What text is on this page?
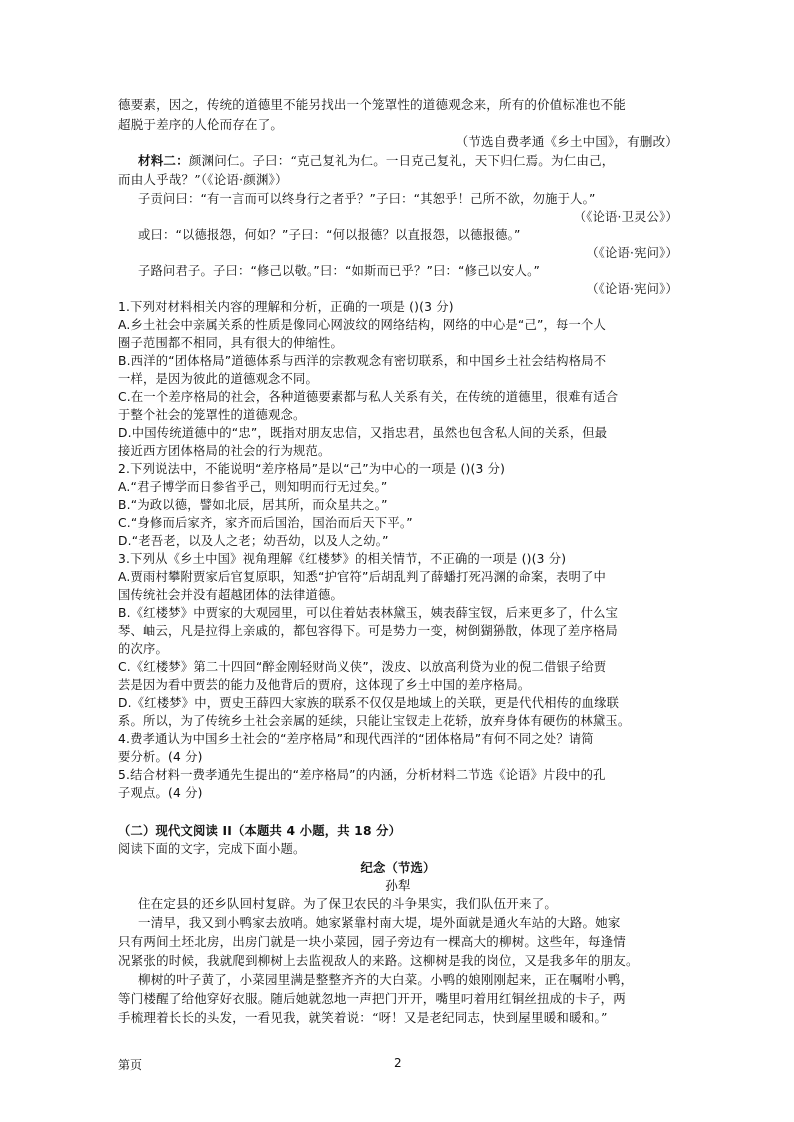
德要素，因之，传统的道德里不能另找出一个笼罩性的道德观念来，所有的价值标准也不能
超脱于差序的人伦而存在了。
（节选自费孝通《乡土中国》，有删改）
材料二：颜渊问仁。子曰：“克己复礼为仁。一日克己复礼，天下归仁焉。为仁由己，
而由人乎哉？”（《论语·颜渊》）
子贡问曰：“有一言而可以终身行之者乎？”子曰：“其恕乎！己所不欲，勿施于人。”
（《论语·卫灵公》）
或曰：“以德报怨，何如？”子曰：“何以报德？以直报怨，以德报德。”
（《论语·宪问》）
子路问君子。子曰：“修己以敬。”曰：“如斯而已乎？”曰：“修己以安人。”
（《论语·宪问》）
1.下列对材料相关内容的理解和分析，正确的一项是 ()(3 分)
A.乡土社会中亲属关系的性质是像同心网波纹的网络结构，网络的中心是“己”，每一个人
圈子范围都不相同，具有很大的伸缩性。
B.西洋的“团体格局”道德体系与西洋的宗教观念有密切联系，和中国乡土社会结构格局不
一样，是因为彼此的道德观念不同。
C.在一个差序格局的社会，各种道德要素都与私人关系有关，在传统的道德里，很难有适合
于整个社会的笼罩性的道德观念。
D.中国传统道德中的“忠”，既指对朋友忠信，又指忠君，虽然也包含私人间的关系，但最
接近西方团体格局的社会的行为规范。
2.下列说法中，不能说明“差序格局”是以“己”为中心的一项是 ()(3 分)
A.“君子博学而日参省乎己，则知明而行无过矣。”
B.“为政以德，譬如北辰，居其所，而众星共之。”
C.“身修而后家齐，家齐而后国治，国治而后天下平。”
D.“老吾老，以及人之老；幼吾幼，以及人之幼。”
3.下列从《乡土中国》视角理解《红楼梦》的相关情节，不正确的一项是 ()(3 分)
A.贾雨村攀附贾家后官复原职，知悉“护官符”后胡乱判了薛蟠打死冯渊的命案，表明了中
国传统社会并没有超越团体的法律道德。
B.《红楼梦》中贾家的大观园里，可以住着姑表林黛玉，姨表薛宝钗，后来更多了，什么宝
琴、岫云，凡是拉得上亲戚的，都包容得下。可是势力一变，树倒猢狲散，体现了差序格局
的次序。
C.《红楼梦》第二十四回“醉金刚轻财尚义侠”，泼皮、以放高利贷为业的倪二借银子给贾
芸是因为看中贾芸的能力及他背后的贾府，这体现了乡土中国的差序格局。
D.《红楼梦》中，贾史王薛四大家族的联系不仅仅是地域上的关联，更是代代相传的血缘联
系。所以，为了传统乡土社会亲属的延续，只能让宝钗走上花轿，放弃身体有硬伤的林黛玉。
4.费孝通认为中国乡土社会的“差序格局”和现代西洋的“团体格局”有何不同之处？请简
要分析。(4 分)
5.结合材料一费孝通先生提出的“差序格局”的内涵，分析材料二节选《论语》片段中的孔
子观点。(4 分)
（二）现代文阅读 II（本题共 4 小题，共 18 分）
阅读下面的文字，完成下面小题。
纪念（节选）
孙犁
住在定县的还乡队回村复辟。为了保卫农民的斗争果实，我们队伍开来了。
一清早，我又到小鸭家去放哨。她家紧靠村南大堤，堤外面就是通火车站的大路。她家
只有两间土坯北房，出房门就是一块小菜园，园子旁边有一棵高大的柳树。这些年，每逢情
况紧张的时候，我就爬到柳树上去监视敌人的来路。这柳树是我的岗位，又是我多年的朋友。
柳树的叶子黄了，小菜园里满是整整齐齐的大白菜。小鸭的娘刚刚起来，正在嘱咐小鸭，
等门楼醒了给他穿好衣服。随后她就忽地一声把门开开，嘴里叼着用红铜丝扭成的卡子，两
手梳理着长长的头发，一看见我，就笑着说：“呀！又是老纪同志，快到屋里暖和暖和。”
第页	2
